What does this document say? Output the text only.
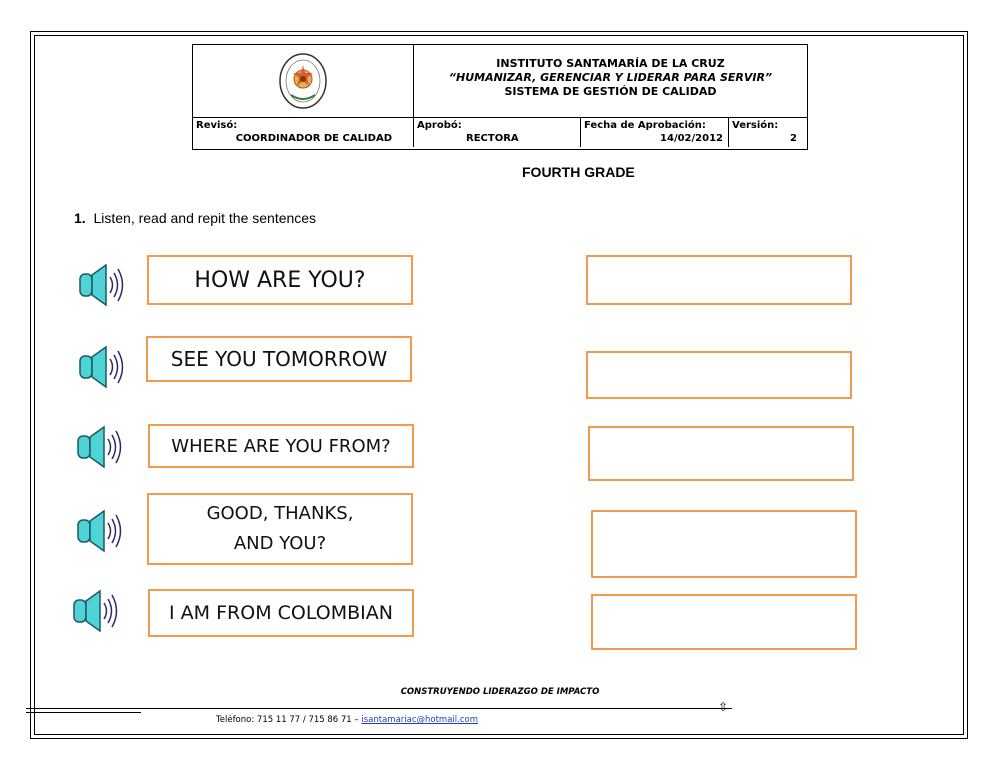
INSTITUTO SANTAMARÍA DE LA CRUZ
“HUMANIZAR, GERENCIAR Y LIDERAR PARA SERVIR”
SISTEMA DE GESTIÓN DE CALIDAD
Revisó:
COORDINADOR DE CALIDAD
Aprobó:
RECTORA
Fecha de Aprobación:
14/02/2012
Versión:
2
FOURTH GRADE
1. Listen, read and repit the sentences
HOW ARE YOU?
SEE YOU TOMORROW
WHERE ARE YOU FROM?
GOOD, THANKS, AND YOU?
I AM FROM COLOMBIAN
CONSTRUYENDO LIDERAZGO DE IMPACTO
⇳
Teléfono: 715 11 77 / 715 86 71 – isantamariac@hotmail.com
